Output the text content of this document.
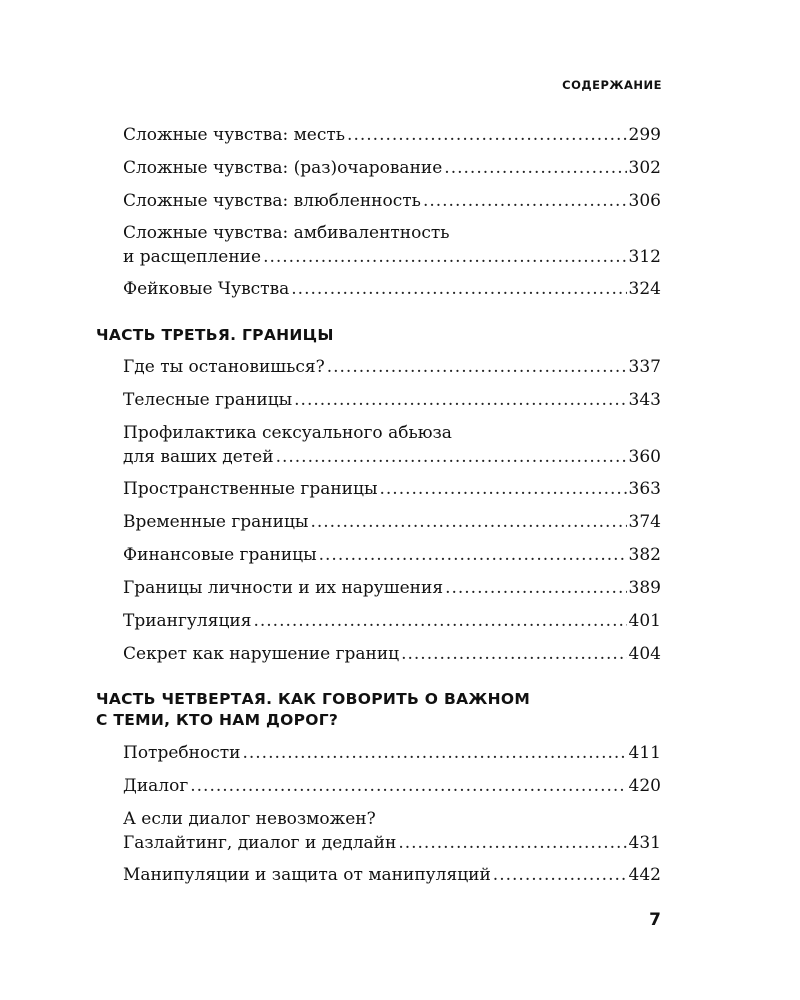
СОДЕРЖАНИЕ
Сложные чувства: месть .....	299
Сложные чувства: (раз)очарование .....	302
Сложные чувства: влюбленность .....	306
Сложные чувства: амбивалентность
и расщепление .....	312
Фейковые Чувства .....	324
ЧАСТЬ ТРЕТЬЯ. ГРАНИЦЫ
Где ты остановишься? .....	337
Телесные границы .....	343
Профилактика сексуального абьюза
для ваших детей .....	360
Пространственные границы .....	363
Временные границы .....	374
Финансовые границы .....	382
Границы личности и их нарушения .....	389
Триангуляция .....	401
Секрет как нарушение границ .....	404
ЧАСТЬ ЧЕТВЕРТАЯ. КАК ГОВОРИТЬ О ВАЖНОМ
С ТЕМИ, КТО НАМ ДОРОГ?
Потребности .....	411
Диалог .....	420
А если диалог невозможен?
Газлайтинг, диалог и дедлайн .....	431
Манипуляции и защита от манипуляций .....	442
7
